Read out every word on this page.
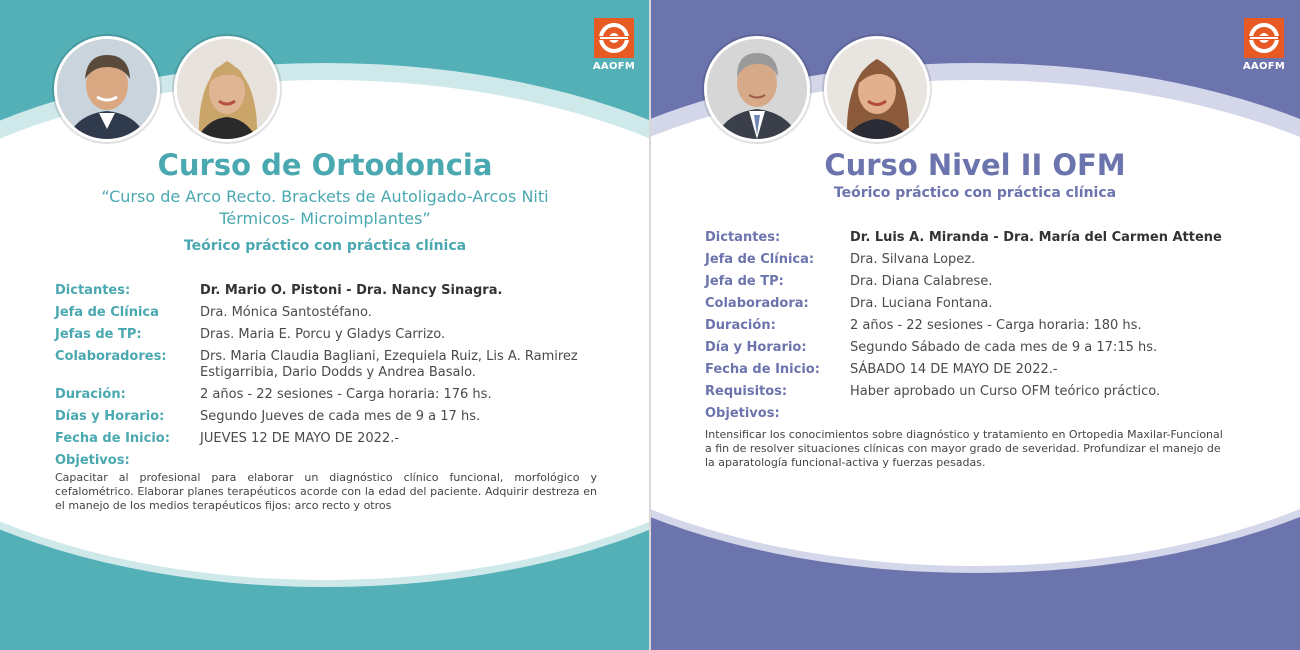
AAOFM
Curso de Ortodoncia
“Curso de Arco Recto. Brackets de Autoligado-Arcos Niti
Térmicos- Microimplantes”
Teórico práctico con práctica clínica
Dictantes:	Dr. Mario O. Pistoni - Dra. Nancy Sinagra.
Jefa de Clínica	Dra. Mónica Santostéfano.
Jefas de TP:	Dras. Maria E. Porcu y Gladys Carrizo.
Colaboradores:	Drs. Maria Claudia Bagliani, Ezequiela Ruiz, Lis A. Ramirez Estigarribia, Dario Dodds y Andrea Basalo.
Duración:	2 años - 22 sesiones - Carga horaria: 176 hs.
Días y Horario:	Segundo Jueves de cada mes de 9 a 17 hs.
Fecha de Inicio:	JUEVES 12 DE MAYO DE 2022.-
Objetivos:
Capacitar al profesional para elaborar un diagnóstico clínico funcional, morfológico y cefalométrico. Elaborar planes terapéuticos acorde con la edad del paciente. Adquirir destreza en el manejo de los medios terapéuticos fijos: arco recto y otros
AAOFM
Curso Nivel II OFM
Teórico práctico con práctica clínica
Dictantes:	Dr. Luis A. Miranda - Dra. María del Carmen Attene
Jefa de Clínica:	Dra. Silvana Lopez.
Jefa de TP:	Dra. Diana Calabrese.
Colaboradora:	Dra. Luciana Fontana.
Duración:	2 años - 22 sesiones - Carga horaria: 180 hs.
Día y Horario:	Segundo Sábado de cada mes de 9 a 17:15 hs.
Fecha de Inicio:	SÁBADO 14 DE MAYO DE 2022.-
Requisitos:	Haber aprobado un Curso OFM teórico práctico.
Objetivos:
Intensificar los conocimientos sobre diagnóstico y tratamiento en Ortopedia Maxilar-Funcional a fin de resolver situaciones clínicas con mayor grado de severidad. Profundizar el manejo de la aparatología funcional-activa y fuerzas pesadas.
